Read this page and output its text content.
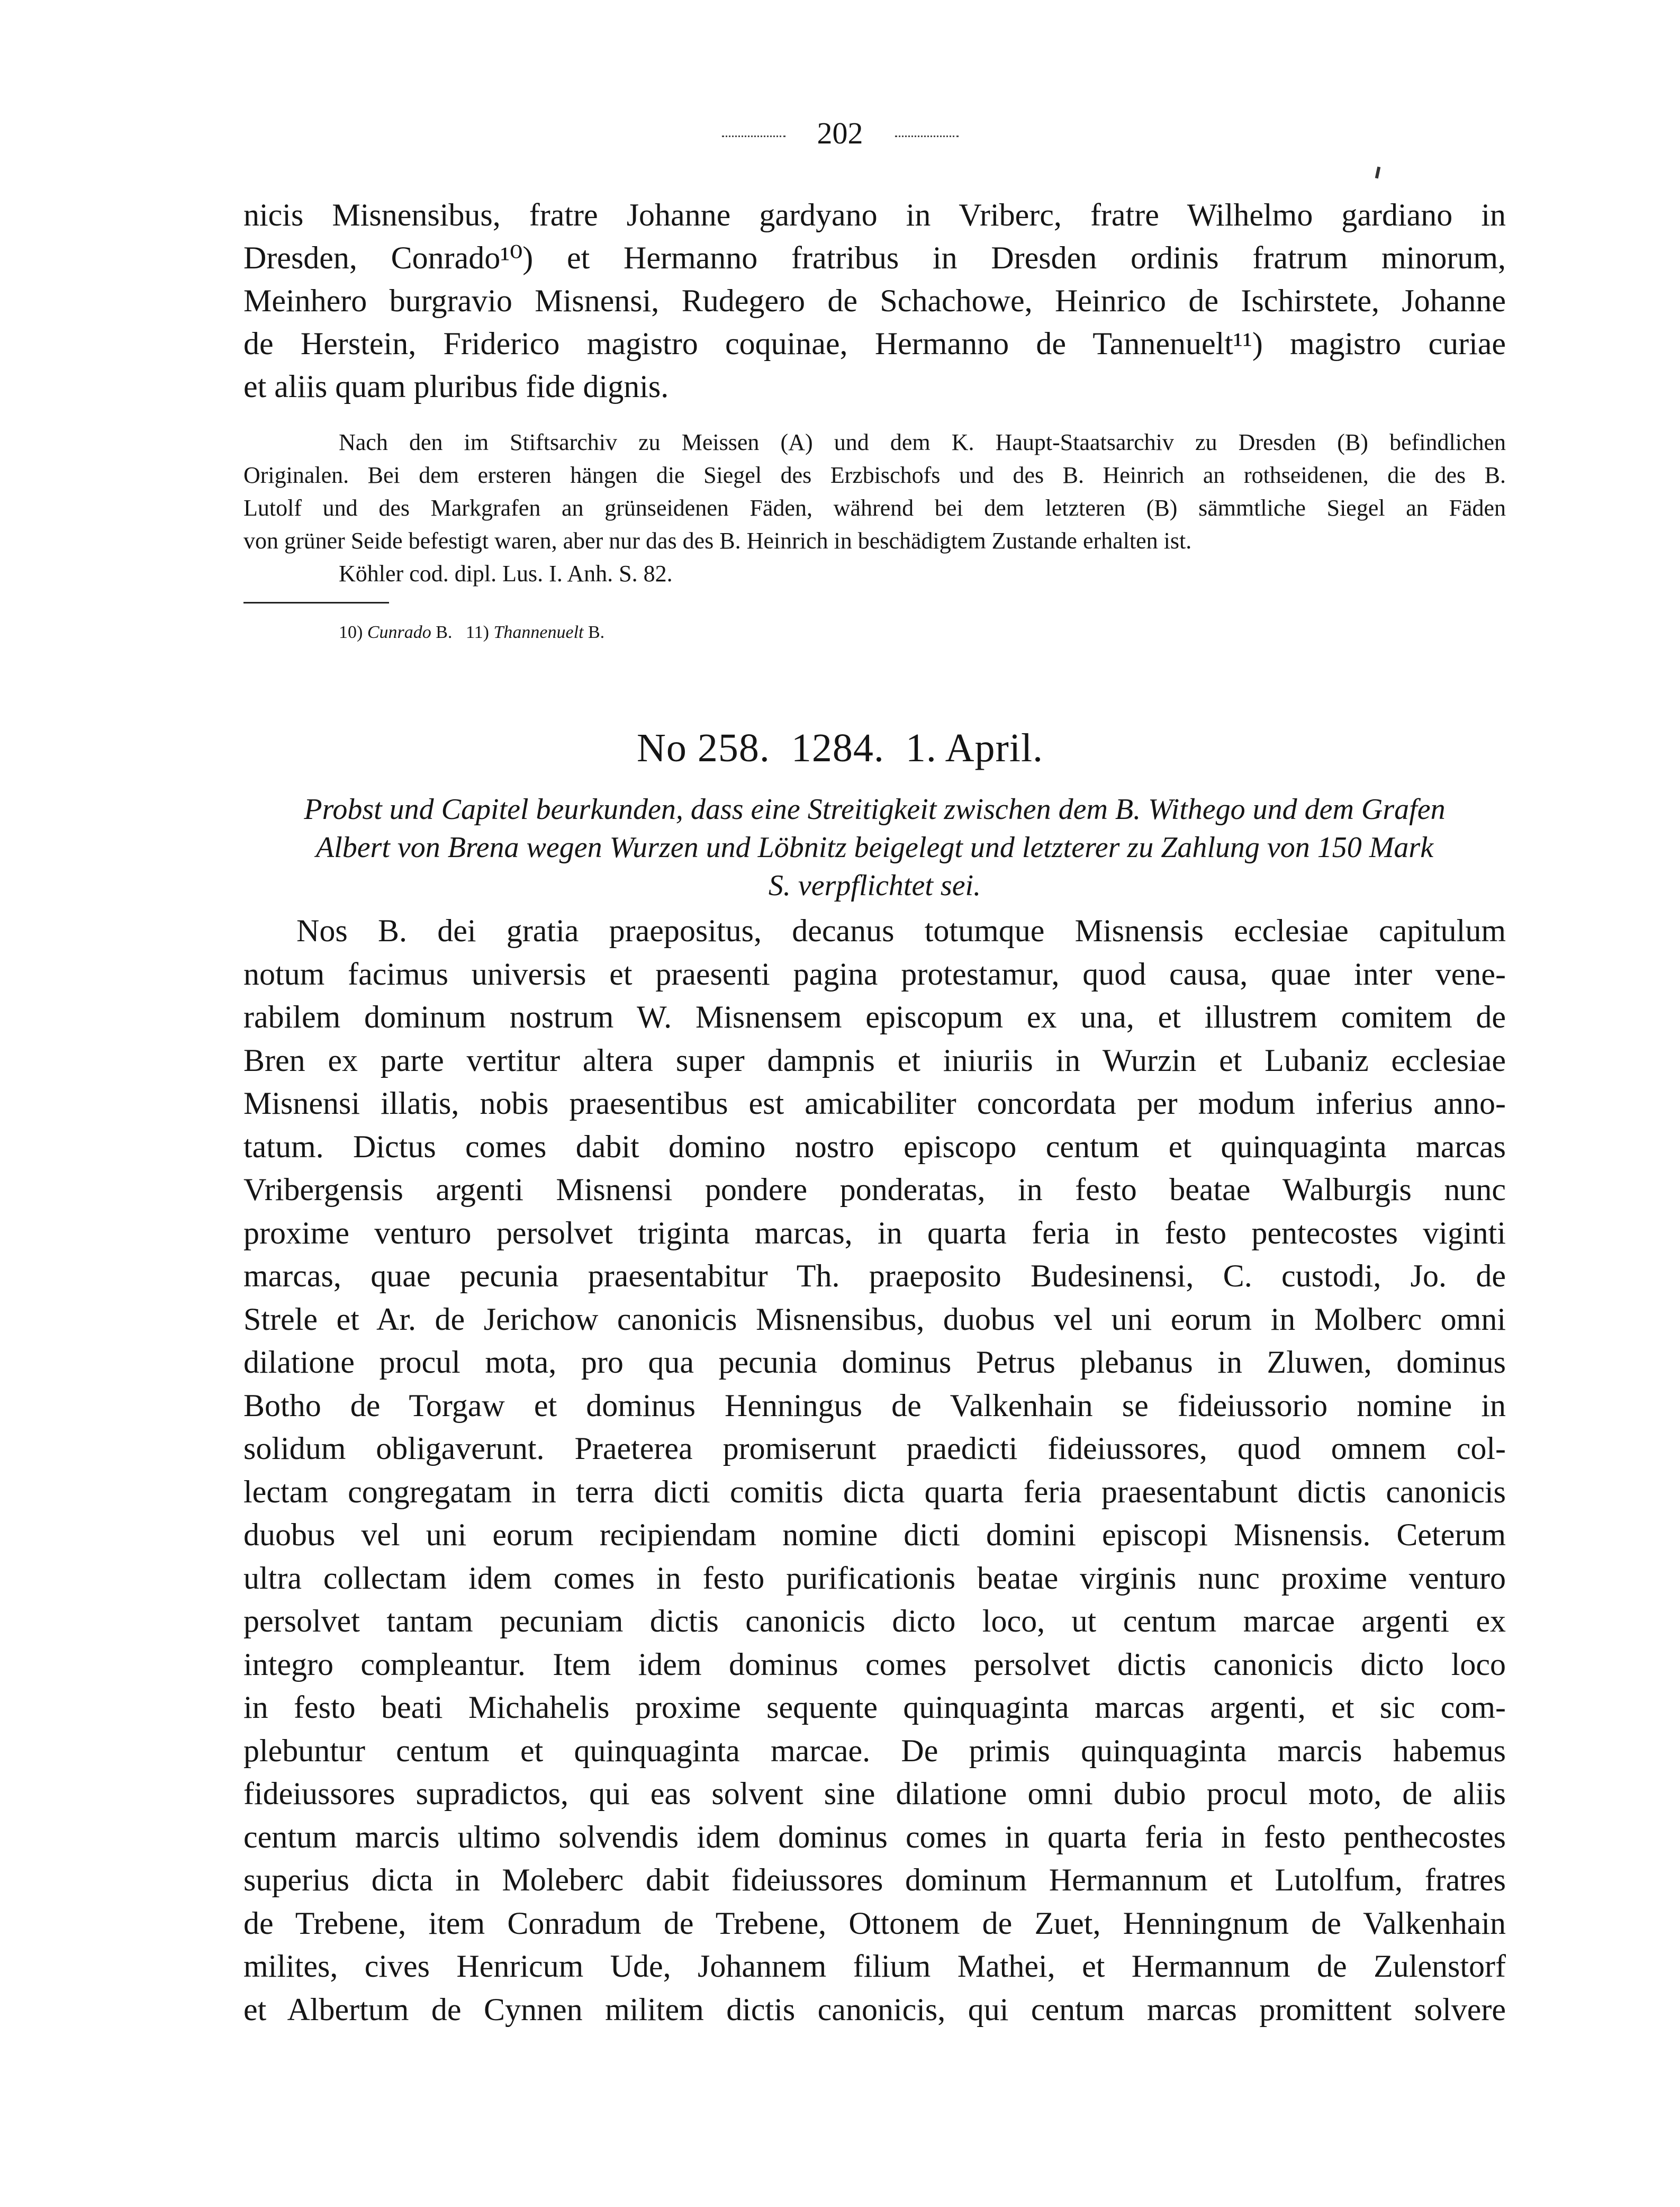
202
nicis Misnensibus, fratre Johanne gardyano in Vriberc, fratre Wilhelmo gardiano in
Dresden, Conrado¹⁰) et Hermanno fratribus in Dresden ordinis fratrum minorum,
Meinhero burgravio Misnensi, Rudegero de Schachowe, Heinrico de Ischirstete, Johanne
de Herstein, Friderico magistro coquinae, Hermanno de Tannenuelt¹¹) magistro curiae
et aliis quam pluribus fide dignis.
Nach den im Stiftsarchiv zu Meissen (A) und dem K. Haupt-Staatsarchiv zu Dresden (B) befindlichen
Originalen. Bei dem ersteren hängen die Siegel des Erzbischofs und des B. Heinrich an rothseidenen, die des B.
Lutolf und des Markgrafen an grünseidenen Fäden, während bei dem letzteren (B) sämmtliche Siegel an Fäden
von grüner Seide befestigt waren, aber nur das des B. Heinrich in beschädigtem Zustande erhalten ist.
Köhler cod. dipl. Lus. I. Anh. S. 82.
10) Cunrado B. 11) Thannenuelt B.
No 258.  1284.  1. April.
Probst und Capitel beurkunden, dass eine Streitigkeit zwischen dem B. Withego und dem Grafen
Albert von Brena wegen Wurzen und Löbnitz beigelegt und letzterer zu Zahlung von 150 Mark
S. verpflichtet sei.
Nos B. dei gratia praepositus, decanus totumque Misnensis ecclesiae capitulum
notum facimus universis et praesenti pagina protestamur, quod causa, quae inter vene-
rabilem dominum nostrum W. Misnensem episcopum ex una, et illustrem comitem de
Bren ex parte vertitur altera super dampnis et iniuriis in Wurzin et Lubaniz ecclesiae
Misnensi illatis, nobis praesentibus est amicabiliter concordata per modum inferius anno-
tatum. Dictus comes dabit domino nostro episcopo centum et quinquaginta marcas
Vribergensis argenti Misnensi pondere ponderatas, in festo beatae Walburgis nunc
proxime venturo persolvet triginta marcas, in quarta feria in festo pentecostes viginti
marcas, quae pecunia praesentabitur Th. praeposito Budesinensi, C. custodi, Jo. de
Strele et Ar. de Jerichow canonicis Misnensibus, duobus vel uni eorum in Molberc omni
dilatione procul mota, pro qua pecunia dominus Petrus plebanus in Zluwen, dominus
Botho de Torgaw et dominus Henningus de Valkenhain se fideiussorio nomine in
solidum obligaverunt. Praeterea promiserunt praedicti fideiussores, quod omnem col-
lectam congregatam in terra dicti comitis dicta quarta feria praesentabunt dictis canonicis
duobus vel uni eorum recipiendam nomine dicti domini episcopi Misnensis. Ceterum
ultra collectam idem comes in festo purificationis beatae virginis nunc proxime venturo
persolvet tantam pecuniam dictis canonicis dicto loco, ut centum marcae argenti ex
integro compleantur. Item idem dominus comes persolvet dictis canonicis dicto loco
in festo beati Michahelis proxime sequente quinquaginta marcas argenti, et sic com-
plebuntur centum et quinquaginta marcae. De primis quinquaginta marcis habemus
fideiussores supradictos, qui eas solvent sine dilatione omni dubio procul moto, de aliis
centum marcis ultimo solvendis idem dominus comes in quarta feria in festo penthecostes
superius dicta in Moleberc dabit fideiussores dominum Hermannum et Lutolfum, fratres
de Trebene, item Conradum de Trebene, Ottonem de Zuet, Henningnum de Valkenhain
milites, cives Henricum Ude, Johannem filium Mathei, et Hermannum de Zulenstorf
et Albertum de Cynnen militem dictis canonicis, qui centum marcas promittent solvere
